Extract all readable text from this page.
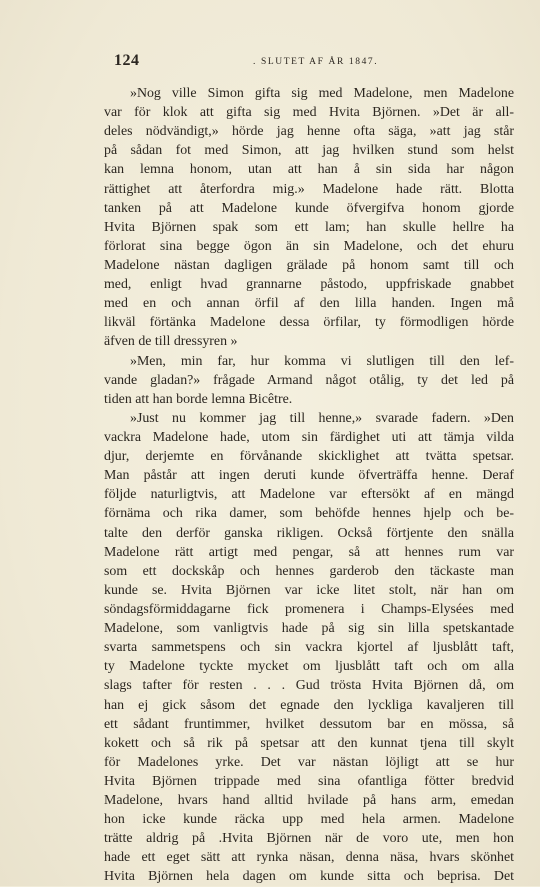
124	. SLUTET AF ÅR 1847.
»Nog ville Simon gifta sig med Madelone, men Madelone
var för klok att gifta sig med Hvita Björnen. »Det är all-
deles nödvändigt,» hörde jag henne ofta säga, »att jag står
på sådan fot med Simon, att jag hvilken stund som helst
kan lemna honom, utan att han å sin sida har någon
rättighet att återfordra mig.» Madelone hade rätt. Blotta
tanken på att Madelone kunde öfvergifva honom gjorde
Hvita Björnen spak som ett lam; han skulle hellre ha
förlorat sina begge ögon än sin Madelone, och det ehuru
Madelone nästan dagligen grälade på honom samt till och
med, enligt hvad grannarne påstodo, uppfriskade gnabbet
med en och annan örfil af den lilla handen. Ingen må
likväl förtänka Madelone dessa örfilar, ty förmodligen hörde
äfven de till dressyren »
»Men, min far, hur komma vi slutligen till den lef-
vande gladan?» frågade Armand något otålig, ty det led på
tiden att han borde lemna Bicêtre.
»Just nu kommer jag till henne,» svarade fadern. »Den
vackra Madelone hade, utom sin färdighet uti att tämja vilda
djur, derjemte en förvånande skicklighet att tvätta spetsar.
Man påstår att ingen deruti kunde öfverträffa henne. Deraf
följde naturligtvis, att Madelone var eftersökt af en mängd
förnäma och rika damer, som behöfde hennes hjelp och be-
talte den derför ganska rikligen. Också förtjente den snälla
Madelone rätt artigt med pengar, så att hennes rum var
som ett dockskåp och hennes garderob den täckaste man
kunde se. Hvita Björnen var icke litet stolt, när han om
söndagsförmiddagarne fick promenera i Champs-Elysées med
Madelone, som vanligtvis hade på sig sin lilla spetskantade
svarta sammetspens och sin vackra kjortel af ljusblått taft,
ty Madelone tyckte mycket om ljusblått taft och om alla
slags tafter för resten . . . Gud trösta Hvita Björnen då, om
han ej gick såsom det egnade den lyckliga kavaljeren till
ett sådant fruntimmer, hvilket dessutom bar en mössa, så
kokett och så rik på spetsar att den kunnat tjena till skylt
för Madelones yrke. Det var nästan löjligt att se hur
Hvita Björnen trippade med sina ofantliga fötter bredvid
Madelone, hvars hand alltid hvilade på hans arm, emedan
hon icke kunde räcka upp med hela armen. Madelone
trätte aldrig på .Hvita Björnen när de voro ute, men hon
hade ett eget sätt att rynka näsan, denna näsa, hvars skönhet
Hvita Björnen hela dagen om kunde sitta och beprisa. Det
